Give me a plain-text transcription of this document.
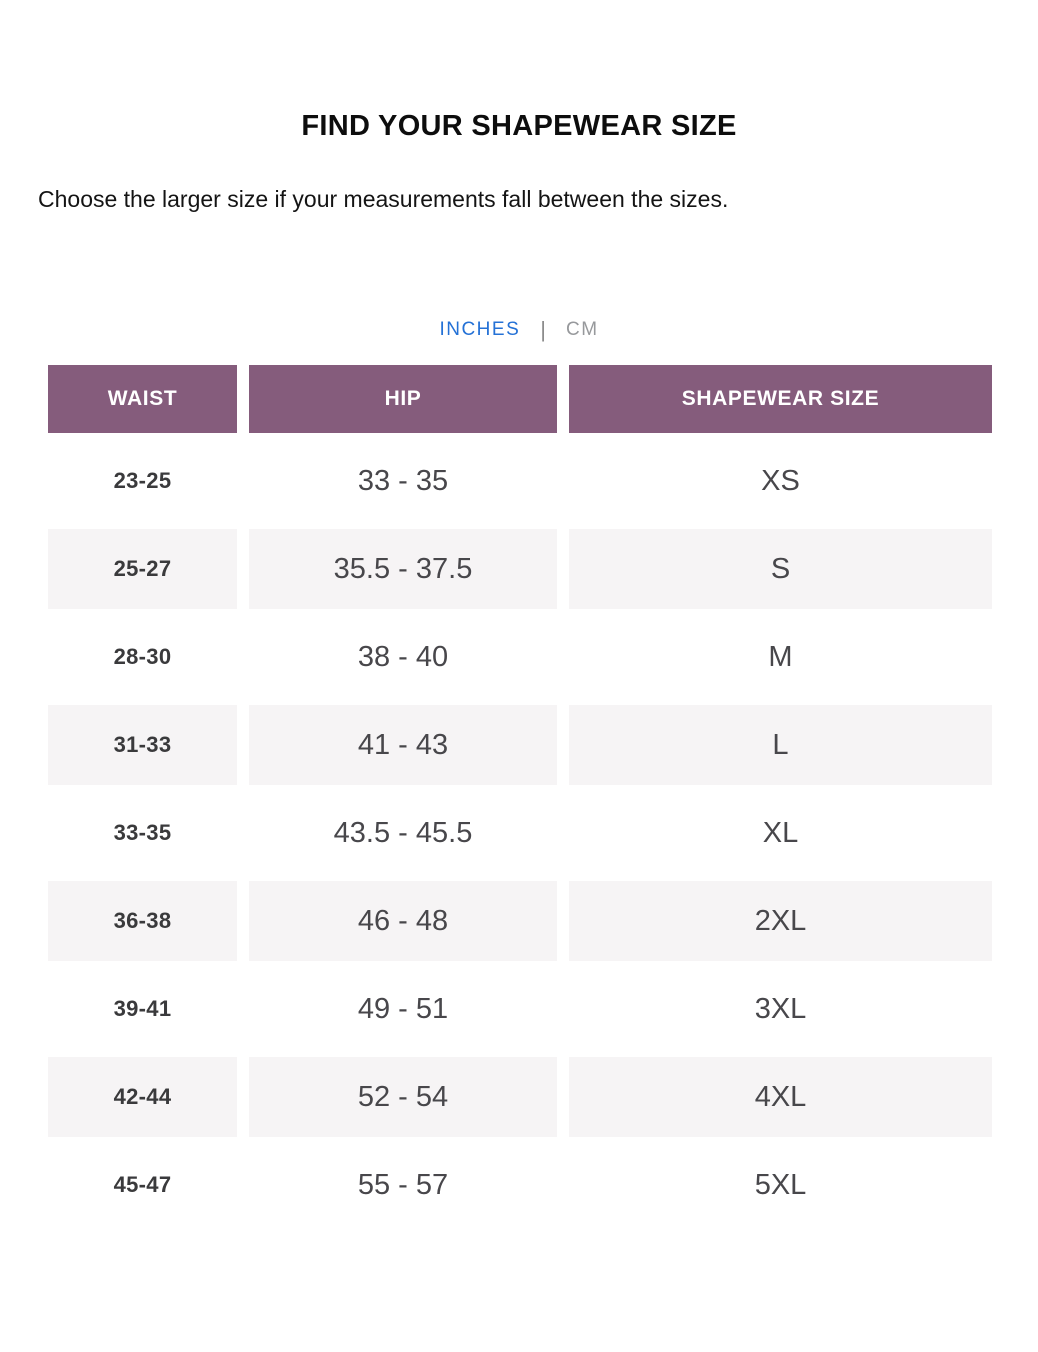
FIND YOUR SHAPEWEAR SIZE

Choose the larger size if your measurements fall between the sizes.

INCHES | CM
WAIST	HIP	SHAPEWEAR SIZE
23-25	33 - 35	XS
25-27	35.5 - 37.5	S
28-30	38 - 40	M
31-33	41 - 43	L
33-35	43.5 - 45.5	XL
36-38	46 - 48	2XL
39-41	49 - 51	3XL
42-44	52 - 54	4XL
45-47	55 - 57	5XL
